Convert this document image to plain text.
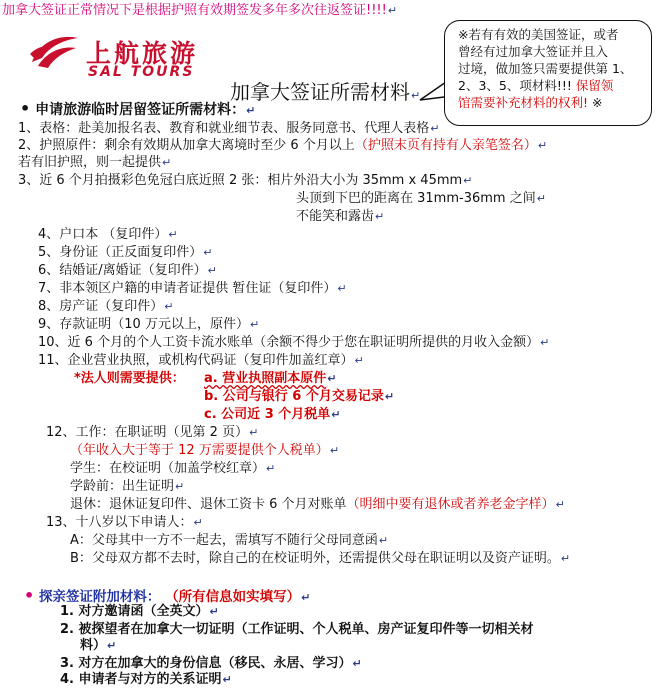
加拿大签证正常情况下是根据护照有效期签发多年多次往返签证!!!!↵
上航旅游
SAL TOURS
加拿大签证所需材料↵
※若有有效的美国签证，或者
曾经有过加拿大签证并且入
过境，做加签只需要提供第 1、
2、3、5、项材料!!! 保留领
馆需要补充材料的权利! ※
• 申请旅游临时居留签证所需材料：↵
1、表格：赴美加报名表、教育和就业细节表、服务同意书、代理人表格↵
2、护照原件：剩余有效期从加拿大离境时至少 6 个月以上（护照末页有持有人亲笔签名）↵
若有旧护照，则一起提供↵
3、近 6 个月拍摄彩色免冠白底近照 2 张：相片外沿大小为 35mm x 45mm↵
头顶到下巴的距离在 31mm-36mm 之间↵
不能笑和露齿↵
4、户口本 （复印件）↵
5、身份证（正反面复印件）↵
6、结婚证/离婚证（复印件）↵
7、非本领区户籍的申请者证提供 暂住证（复印件）↵
8、房产证（复印件）↵
9、存款证明（10 万元以上，原件）↵
10、近 6 个月的个人工资卡流水账单（余额不得少于您在职证明所提供的月收入金额）↵
11、企业营业执照，或机构代码证（复印件加盖红章）↵
*法人则需要提供： a. 营业执照副本原件↵
b. 公司与银行 6 个月交易记录↵
c. 公司近 3 个月税单↵
12、工作：在职证明（见第 2 页）↵
（年收入大于等于 12 万需要提供个人税单）↵
学生：在校证明（加盖学校红章）↵
学龄前：出生证明↵
退休：退休证复印件、退休工资卡 6 个月对账单（明细中要有退休或者养老金字样）↵
13、十八岁以下申请人：↵
A：父母其中一方不一起去，需填写不随行父母同意函↵
B：父母双方都不去时，除自己的在校证明外，还需提供父母在职证明以及资产证明。↵
• 探亲签证附加材料： （所有信息如实填写）↵
1. 对方邀请函（全英文）↵
2. 被探望者在加拿大一切证明（工作证明、个人税单、房产证复印件等一切相关材
料）↵
3. 对方在加拿大的身份信息（移民、永居、学习）↵
4. 申请者与对方的关系证明↵
